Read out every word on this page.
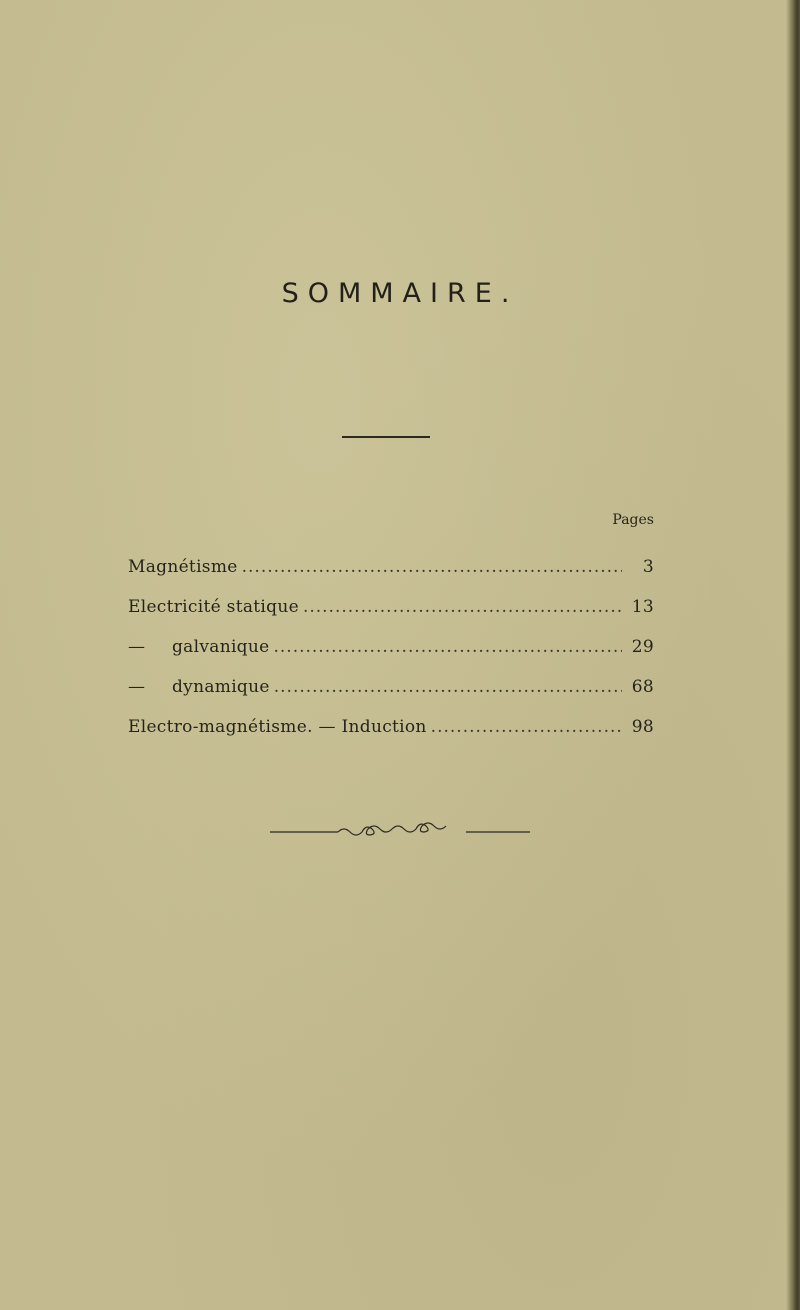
SOMMAIRE.
Pages
Magnétisme .....	3
Electricité statique .....	13
—	galvanique .....	29
—	dynamique .....	68
Electro-magnétisme. — Induction .....	98
